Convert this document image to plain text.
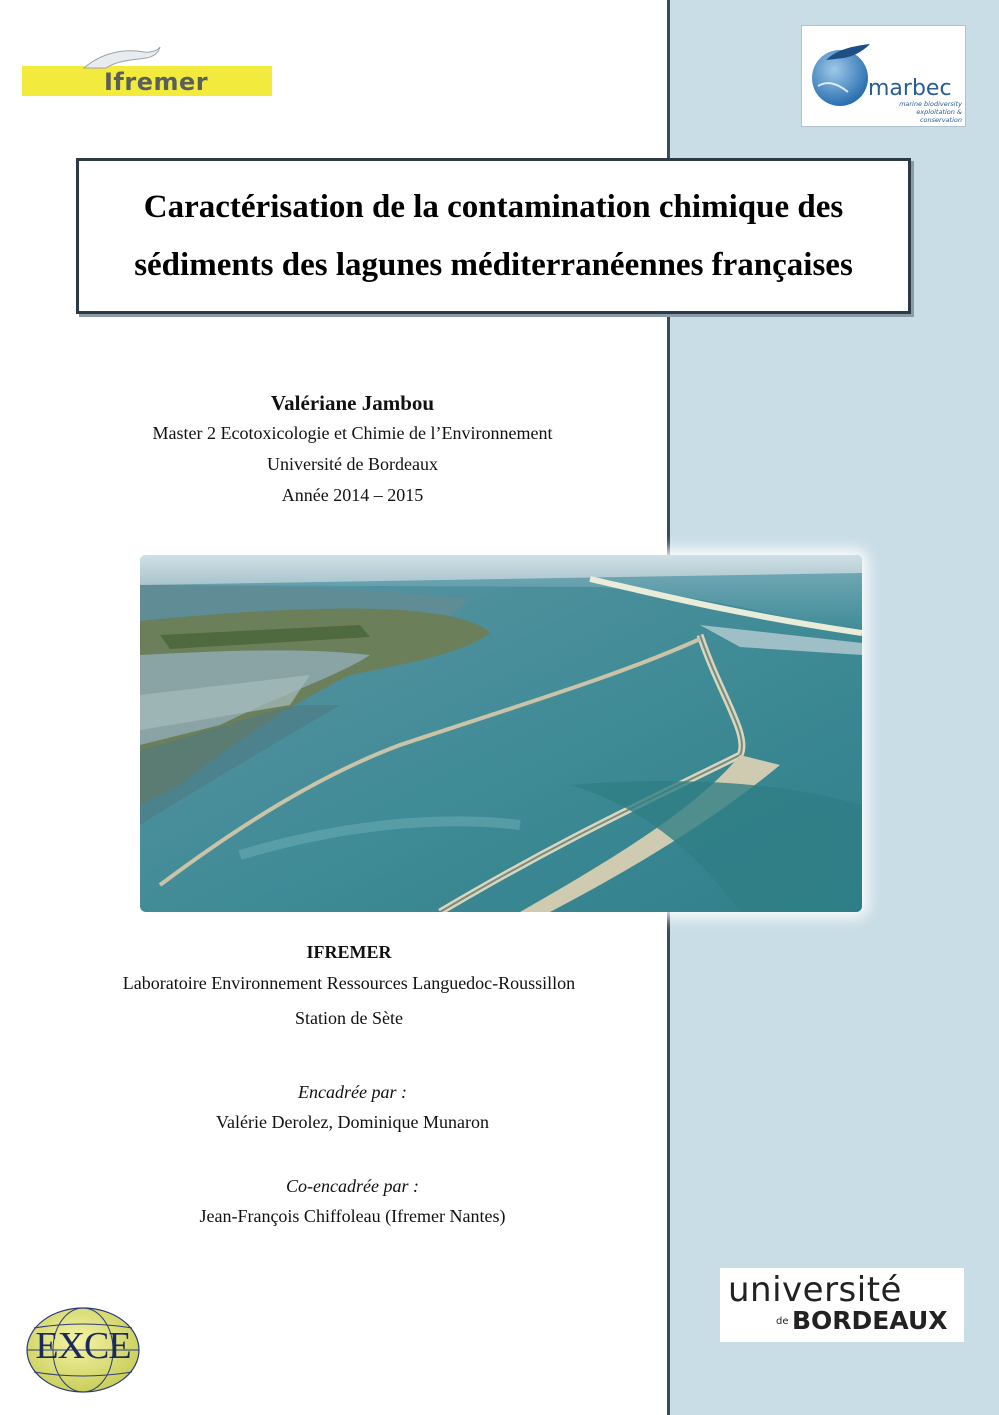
Ifremer	marbec
marine biodiversity exploitation & conservation
Caractérisation de la contamination chimique des
sédiments des lagunes méditerranéennes françaises
Valériane Jambou
Master 2 Ecotoxicologie et Chimie de l’Environnement
Université de Bordeaux
Année 2014 – 2015
IFREMER
Laboratoire Environnement Ressources Languedoc-Roussillon
Station de Sète
Encadrée par :
Valérie Derolez, Dominique Munaron
Co-encadrée par :
Jean-François Chiffoleau (Ifremer Nantes)
université
de BORDEAUX
EXCE
